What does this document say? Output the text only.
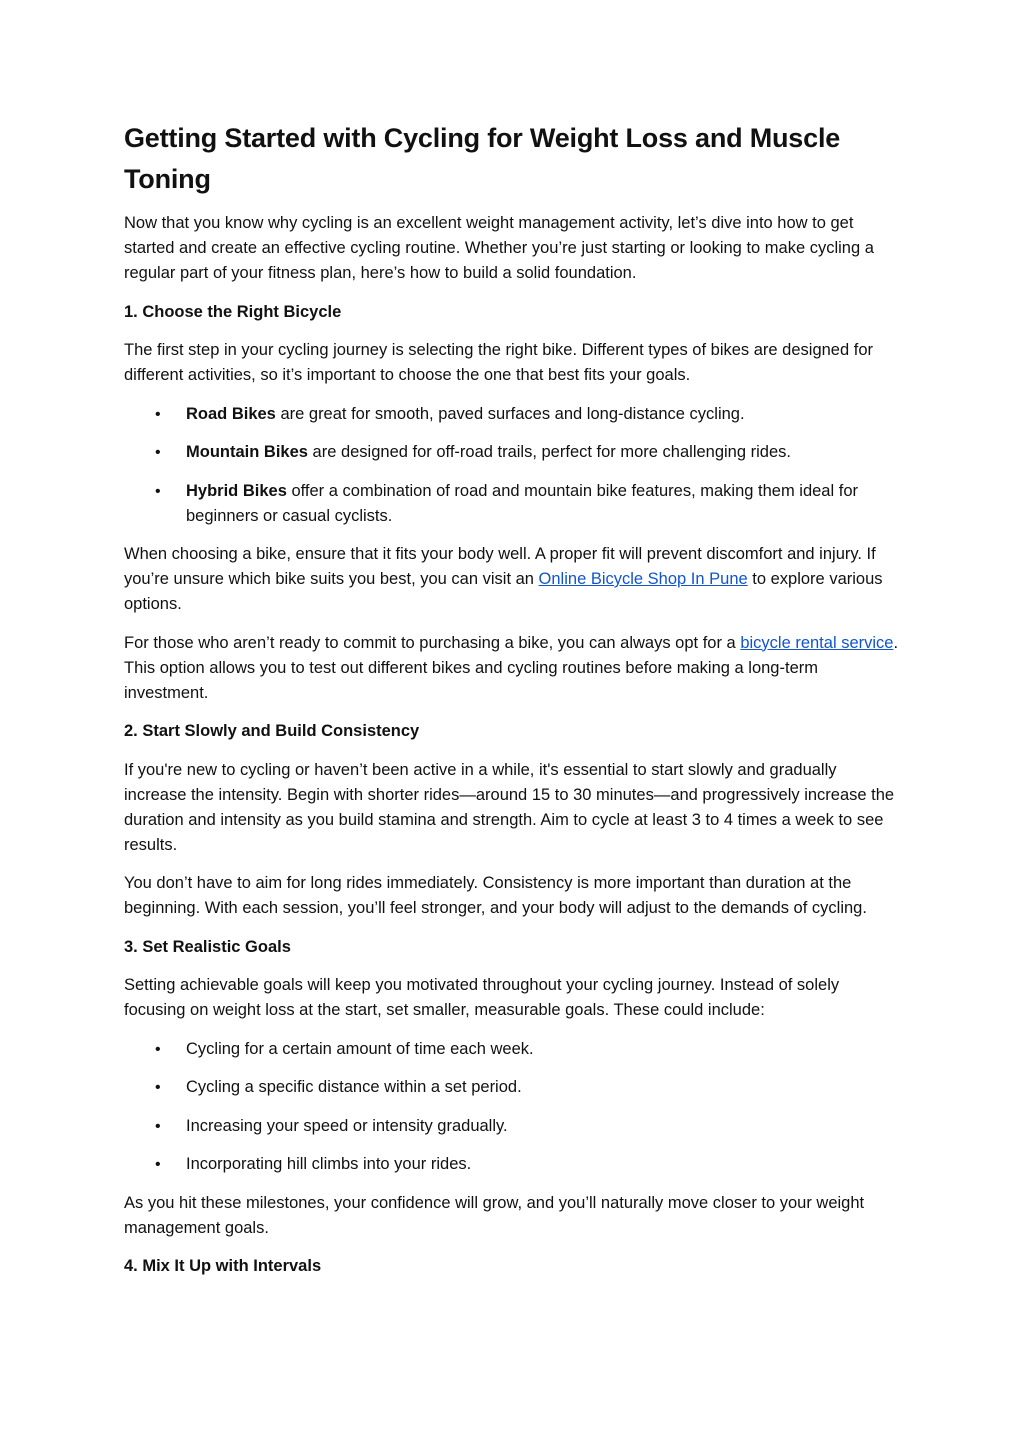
Getting Started with Cycling for Weight Loss and Muscle Toning

Now that you know why cycling is an excellent weight management activity, let’s dive into how to get started and create an effective cycling routine. Whether you’re just starting or looking to make cycling a regular part of your fitness plan, here’s how to build a solid foundation.

1. Choose the Right Bicycle

The first step in your cycling journey is selecting the right bike. Different types of bikes are designed for different activities, so it’s important to choose the one that best fits your goals.

• Road Bikes are great for smooth, paved surfaces and long-distance cycling.
• Mountain Bikes are designed for off-road trails, perfect for more challenging rides.
• Hybrid Bikes offer a combination of road and mountain bike features, making them ideal for beginners or casual cyclists.

When choosing a bike, ensure that it fits your body well. A proper fit will prevent discomfort and injury. If you’re unsure which bike suits you best, you can visit an Online Bicycle Shop In Pune to explore various options.

For those who aren’t ready to commit to purchasing a bike, you can always opt for a bicycle rental service. This option allows you to test out different bikes and cycling routines before making a long-term investment.

2. Start Slowly and Build Consistency

If you're new to cycling or haven’t been active in a while, it's essential to start slowly and gradually increase the intensity. Begin with shorter rides—around 15 to 30 minutes—and progressively increase the duration and intensity as you build stamina and strength. Aim to cycle at least 3 to 4 times a week to see results.

You don’t have to aim for long rides immediately. Consistency is more important than duration at the beginning. With each session, you’ll feel stronger, and your body will adjust to the demands of cycling.

3. Set Realistic Goals

Setting achievable goals will keep you motivated throughout your cycling journey. Instead of solely focusing on weight loss at the start, set smaller, measurable goals. These could include:

• Cycling for a certain amount of time each week.
• Cycling a specific distance within a set period.
• Increasing your speed or intensity gradually.
• Incorporating hill climbs into your rides.

As you hit these milestones, your confidence will grow, and you’ll naturally move closer to your weight management goals.

4. Mix It Up with Intervals
